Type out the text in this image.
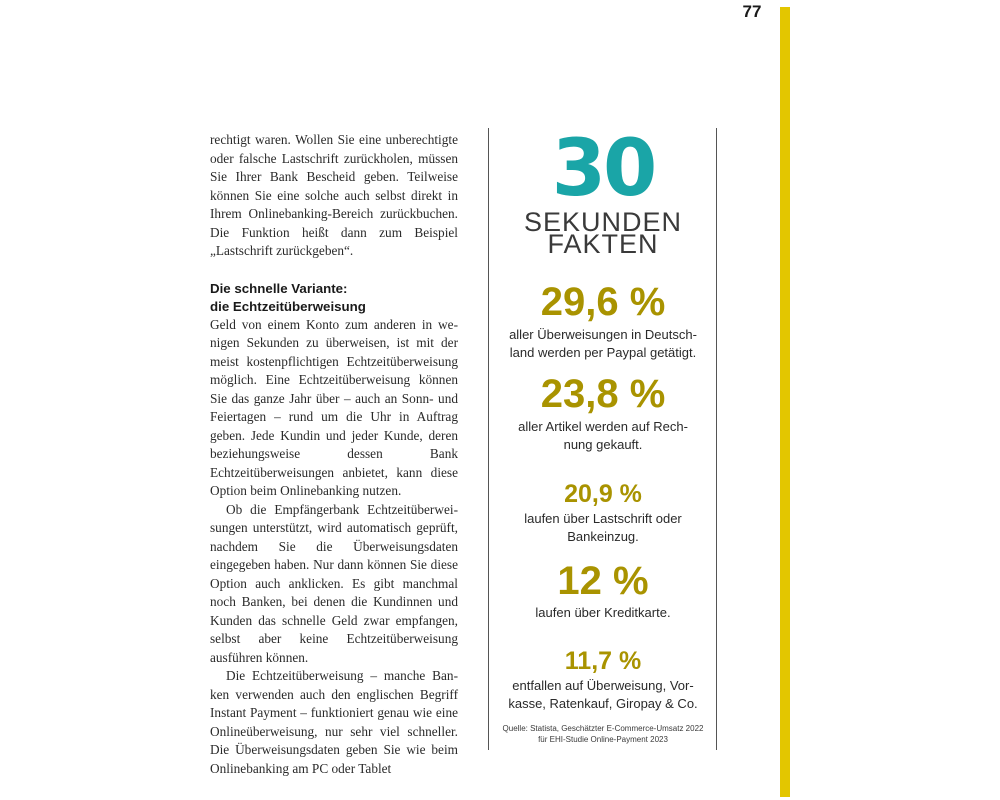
77

rechtigt waren. Wollen Sie eine unberechtigte oder falsche Lastschrift zurückholen, müssen Sie Ihrer Bank Bescheid geben. Teilweise können Sie eine solche auch selbst direkt in Ihrem Onlinebanking-Bereich zurückbuchen. Die Funktion heißt dann zum Beispiel „Lastschrift zurückgeben“.

Die schnelle Variante:
die Echtzeitüberweisung

Geld von einem Konto zum anderen in wenigen Sekunden zu überweisen, ist mit der meist kostenpflichtigen Echtzeitüberweisung möglich. Eine Echtzeitüberweisung können Sie das ganze Jahr über – auch an Sonn- und Feiertagen – rund um die Uhr in Auftrag geben. Jede Kundin und jeder Kunde, deren beziehungsweise dessen Bank Echtzeitüberweisungen anbietet, kann diese Option beim Onlinebanking nutzen.

Ob die Empfängerbank Echtzeitüberweisungen unterstützt, wird automatisch geprüft, nachdem Sie die Überweisungsdaten eingegeben haben. Nur dann können Sie diese Option auch anklicken. Es gibt manchmal noch Banken, bei denen die Kundinnen und Kunden das schnelle Geld zwar empfangen, selbst aber keine Echtzeitüberweisung ausführen können.

Die Echtzeitüberweisung – manche Banken verwenden auch den englischen Begriff Instant Payment – funktioniert genau wie eine Onlineüberweisung, nur sehr viel schneller. Die Überweisungsdaten geben Sie wie beim Onlinebanking am PC oder Tablet

30
SEKUNDEN
FAKTEN
29,6 %
aller Überweisungen in Deutsch-
land werden per Paypal getätigt.
23,8 %
aller Artikel werden auf Rech-
nung gekauft.
20,9 %
laufen über Lastschrift oder
Bankeinzug.
12 %
laufen über Kreditkarte.
11,7 %
entfallen auf Überweisung, Vor-
kasse, Ratenkauf, Giropay & Co.
Quelle: Statista, Geschätzter E-Commerce-Umsatz 2022
für EHI-Studie Online-Payment 2023
